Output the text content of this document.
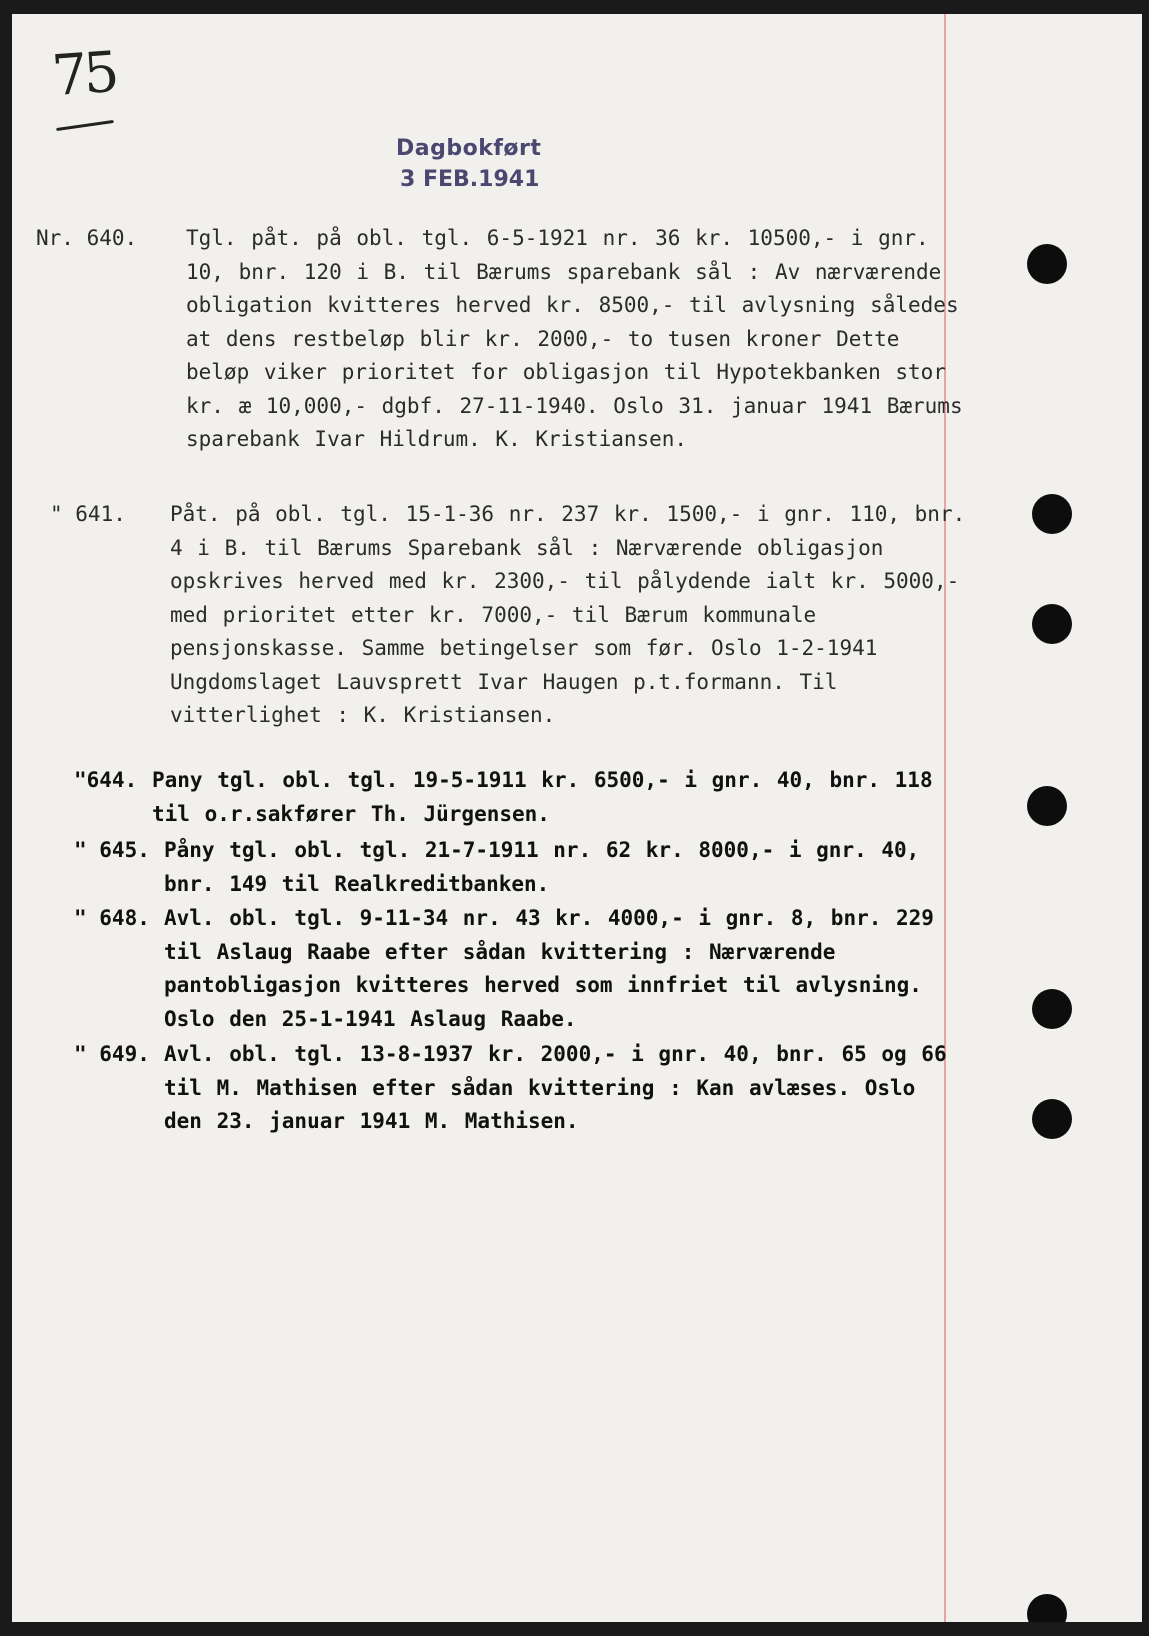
75
Dagbokført
3 FEB.1941
Nr. 640.	Tgl. påt. på obl. tgl. 6-5-1921 nr. 36 kr. 10500,- i gnr. 10, bnr. 120 i B. til Bærums sparebank sål : Av nærværende obligation kvitteres herved kr. 8500,- til avlysning således at dens restbeløp blir kr. 2000,- to tusen kroner Dette beløp viker prioritet for obligasjon til Hypotekbanken stor kr. æ 10,000,- dgbf. 27-11-1940. Oslo 31. januar 1941 Bærums sparebank Ivar Hildrum. K. Kristiansen.
" 641.	Påt. på obl. tgl. 15-1-36 nr. 237 kr. 1500,- i gnr. 110, bnr. 4 i B. til Bærums Sparebank sål : Nærværende obligasjon opskrives herved med kr. 2300,- til pålydende ialt kr. 5000,- med prioritet etter kr. 7000,- til Bærum kommunale pensjonskasse. Samme betingelser som før. Oslo 1-2-1941 Ungdomslaget Lauvsprett Ivar Haugen p.t.formann. Til vitterlighet : K. Kristiansen.
"644. Pany tgl. obl. tgl. 19-5-1911 kr. 6500,- i gnr. 40, bnr. 118 til o.r.sakfører Th. Jürgensen.
" 645. Påny tgl. obl. tgl. 21-7-1911 nr. 62 kr. 8000,- i gnr. 40, bnr. 149 til Realkreditbanken.
" 648. Avl. obl. tgl. 9-11-34 nr. 43 kr. 4000,- i gnr. 8, bnr. 229 til Aslaug Raabe efter sådan kvittering : Nærværende pantobligasjon kvitteres herved som innfriet til avlysning. Oslo den 25-1-1941 Aslaug Raabe.
" 649. Avl. obl. tgl. 13-8-1937 kr. 2000,- i gnr. 40, bnr. 65 og 66 til M. Mathisen efter sådan kvittering : Kan avlæses. Oslo den 23. januar 1941 M. Mathisen.
